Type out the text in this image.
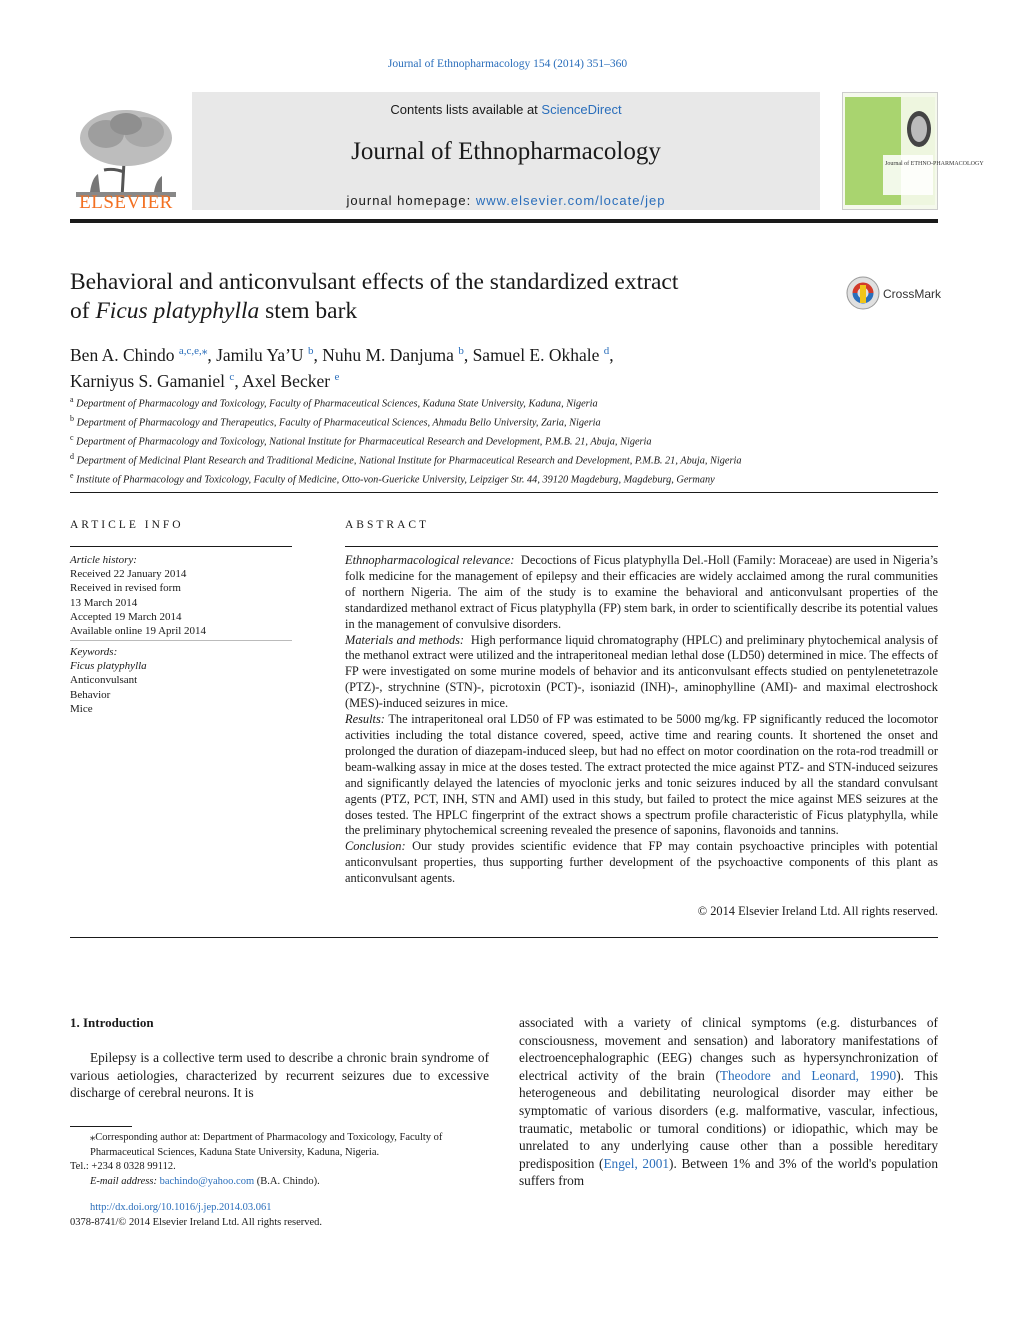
Journal of Ethnopharmacology 154 (2014) 351–360
ELSEVIER
Contents lists available at ScienceDirect
Journal of Ethnopharmacology
journal homepage: www.elsevier.com/locate/jep
Journal of ETHNO-PHARMACOLOGY
Behavioral and anticonvulsant effects of the standardized extract
of Ficus platyphylla stem bark
CrossMark
Ben A. Chindo $^{a,c,e,⁎}$, Jamilu Ya’U $^b$, Nuhu M. Danjuma $^b$, Samuel E. Okhale $^d$,
Karniyus S. Gamaniel $^c$, Axel Becker $^e$
$^a$ Department of Pharmacology and Toxicology, Faculty of Pharmaceutical Sciences, Kaduna State University, Kaduna, Nigeria
$^b$ Department of Pharmacology and Therapeutics, Faculty of Pharmaceutical Sciences, Ahmadu Bello University, Zaria, Nigeria
$^c$ Department of Pharmacology and Toxicology, National Institute for Pharmaceutical Research and Development, P.M.B. 21, Abuja, Nigeria
$^d$ Department of Medicinal Plant Research and Traditional Medicine, National Institute for Pharmaceutical Research and Development, P.M.B. 21, Abuja, Nigeria
$^e$ Institute of Pharmacology and Toxicology, Faculty of Medicine, Otto-von-Guericke University, Leipziger Str. 44, 39120 Magdeburg, Magdeburg, Germany
ARTICLE INFO	ABSTRACT
Article history:
Received 22 January 2014
Received in revised form
13 March 2014
Accepted 19 March 2014
Available online 19 April 2014
Keywords:
Ficus platyphylla
Anticonvulsant
Behavior
Mice

Ethnopharmacological relevance: Decoctions of Ficus platyphylla Del.-Holl (Family: Moraceae) are used in Nigeria’s folk medicine for the management of epilepsy and their efficacies are widely acclaimed among the rural communities of northern Nigeria. The aim of the study is to examine the behavioral and anticonvulsant properties of the standardized methanol extract of Ficus platyphylla (FP) stem bark, in order to scientifically describe its potential values in the management of convulsive disorders.

Materials and methods: High performance liquid chromatography (HPLC) and preliminary phytochemical analysis of the methanol extract were utilized and the intraperitoneal median lethal dose (LD50) determined in mice. The effects of FP were investigated on some murine models of behavior and its anticonvulsant effects studied on pentylenetetrazole (PTZ)-, strychnine (STN)-, picrotoxin (PCT)-, isoniazid (INH)-, aminophylline (AMI)- and maximal electroshock (MES)-induced seizures in mice.

Results: The intraperitoneal oral LD50 of FP was estimated to be 5000 mg/kg. FP significantly reduced the locomotor activities including the total distance covered, speed, active time and rearing counts. It shortened the onset and prolonged the duration of diazepam-induced sleep, but had no effect on motor coordination on the rota-rod treadmill or beam-walking assay in mice at the doses tested. The extract protected the mice against PTZ- and STN-induced seizures and significantly delayed the latencies of myoclonic jerks and tonic seizures induced by all the standard convulsant agents (PTZ, PCT, INH, STN and AMI) used in this study, but failed to protect the mice against MES seizures at the doses tested. The HPLC fingerprint of the extract shows a spectrum profile characteristic of Ficus platyphylla, while the preliminary phytochemical screening revealed the presence of saponins, flavonoids and tannins.

Conclusion: Our study provides scientific evidence that FP may contain psychoactive principles with potential anticonvulsant properties, thus supporting further development of the psychoactive components of this plant as anticonvulsant agents.

© 2014 Elsevier Ireland Ltd. All rights reserved.
1. Introduction

Epilepsy is a collective term used to describe a chronic brain syndrome of various aetiologies, characterized by recurrent seizures due to excessive discharge of cerebral neurons. It is

associated with a variety of clinical symptoms (e.g. disturbances of consciousness, movement and sensation) and laboratory manifestations of electroencephalographic (EEG) changes such as hypersynchronization of electrical activity of the brain (Theodore and Leonard, 1990). This heterogeneous and debilitating neurological disorder may either be symptomatic of various disorders (e.g. malformative, vascular, infectious, traumatic, metabolic or tumoral conditions) or idiopathic, which may be unrelated to any underlying cause other than a possible hereditary predisposition (Engel, 2001). Between 1% and 3% of the world's population suffers from

⁎Corresponding author at: Department of Pharmacology and Toxicology, Faculty of Pharmaceutical Sciences, Kaduna State University, Kaduna, Nigeria.
Tel.: +234 8 0328 99112.
E-mail address: bachindo@yahoo.com (B.A. Chindo).
http://dx.doi.org/10.1016/j.jep.2014.03.061
0378-8741/© 2014 Elsevier Ireland Ltd. All rights reserved.
